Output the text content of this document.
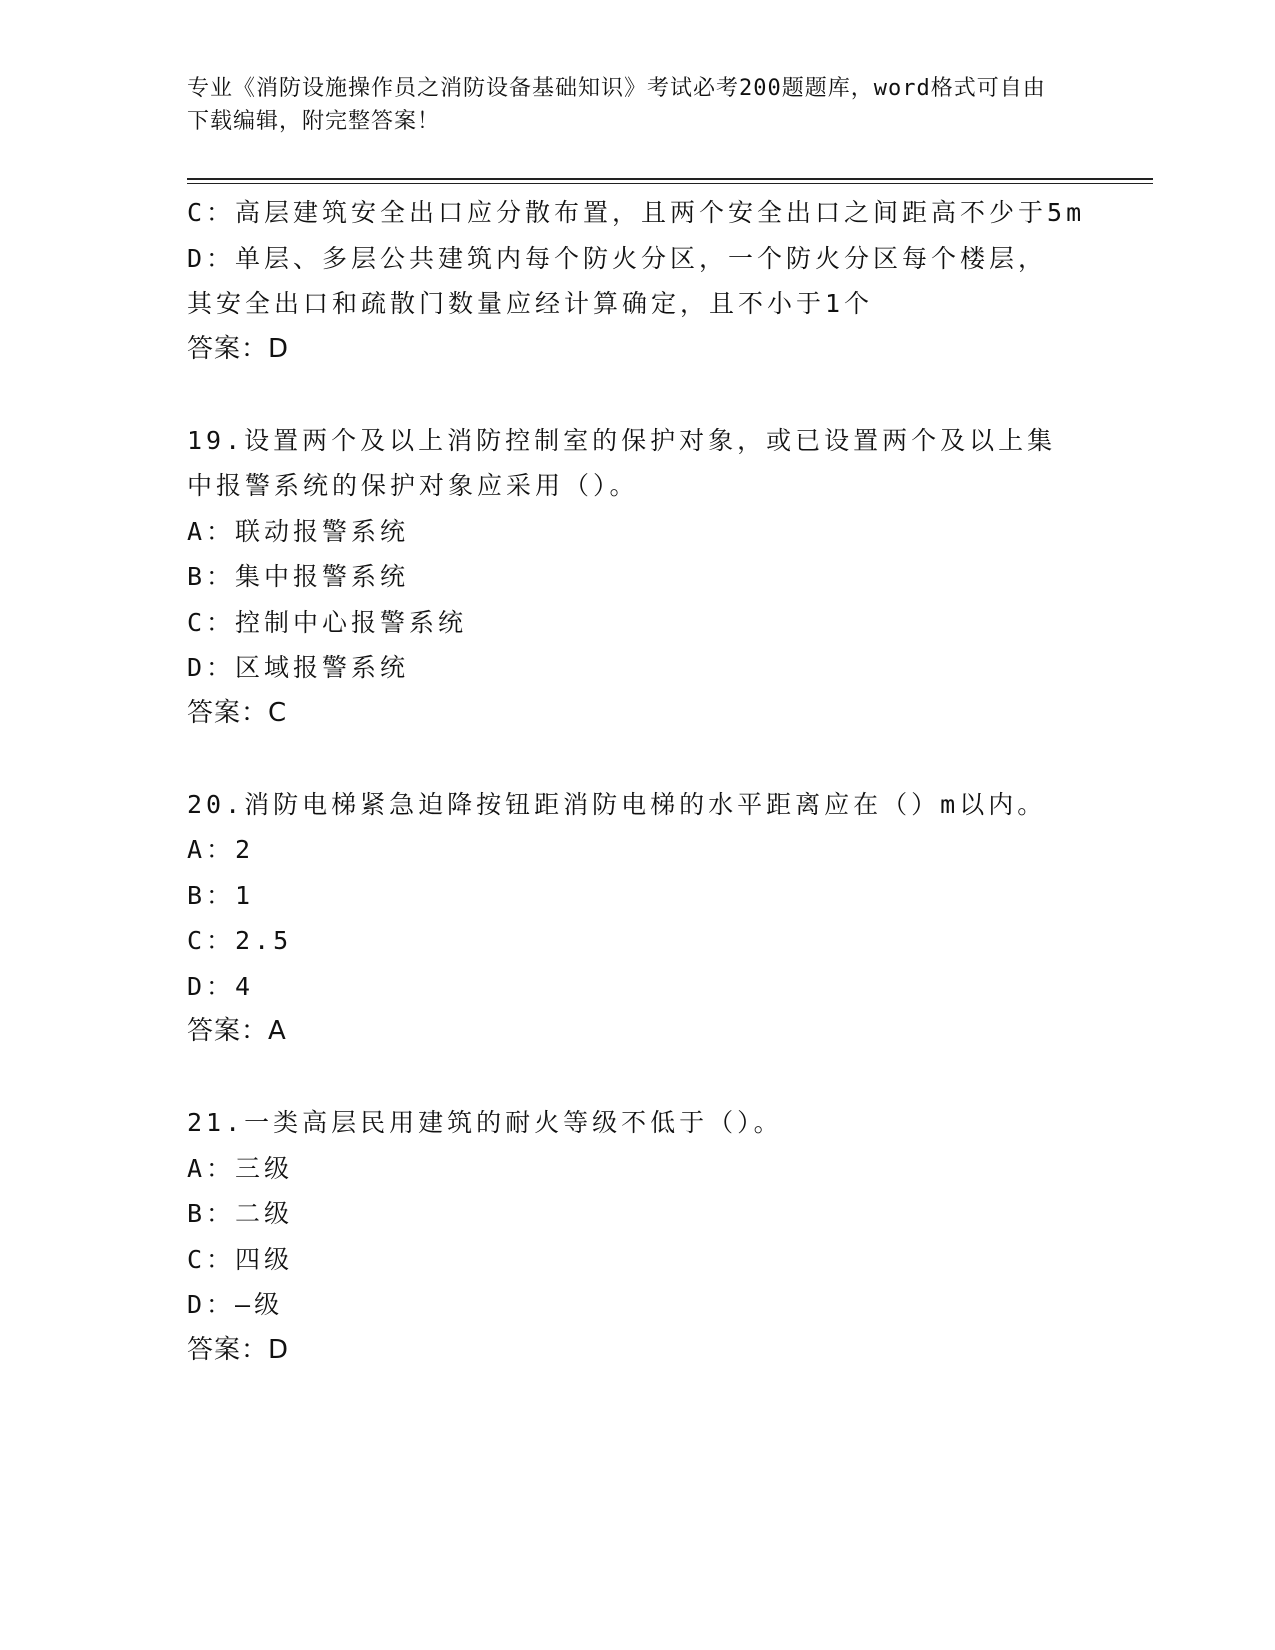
专业《消防设施操作员之消防设备基础知识》考试必考200题题库，word格式可自由下载编辑，附完整答案！
C：高层建筑安全出口应分散布置，且两个安全出口之间距高不少于5m
D：单层、多层公共建筑内每个防火分区，一个防火分区每个楼层，其安全出口和疏散门数量应经计算确定，且不小于1个
答案：D
19.设置两个及以上消防控制室的保护对象，或已设置两个及以上集中报警系统的保护对象应采用（）。
A：联动报警系统
B：集中报警系统
C：控制中心报警系统
D：区域报警系统
答案：C
20.消防电梯紧急迫降按钮距消防电梯的水平距离应在（）m以内。
A：2
B：1
C：2.5
D：4
答案：A
21.一类高层民用建筑的耐火等级不低于（）。
A：三级
B：二级
C：四级
D：—级
答案：D
